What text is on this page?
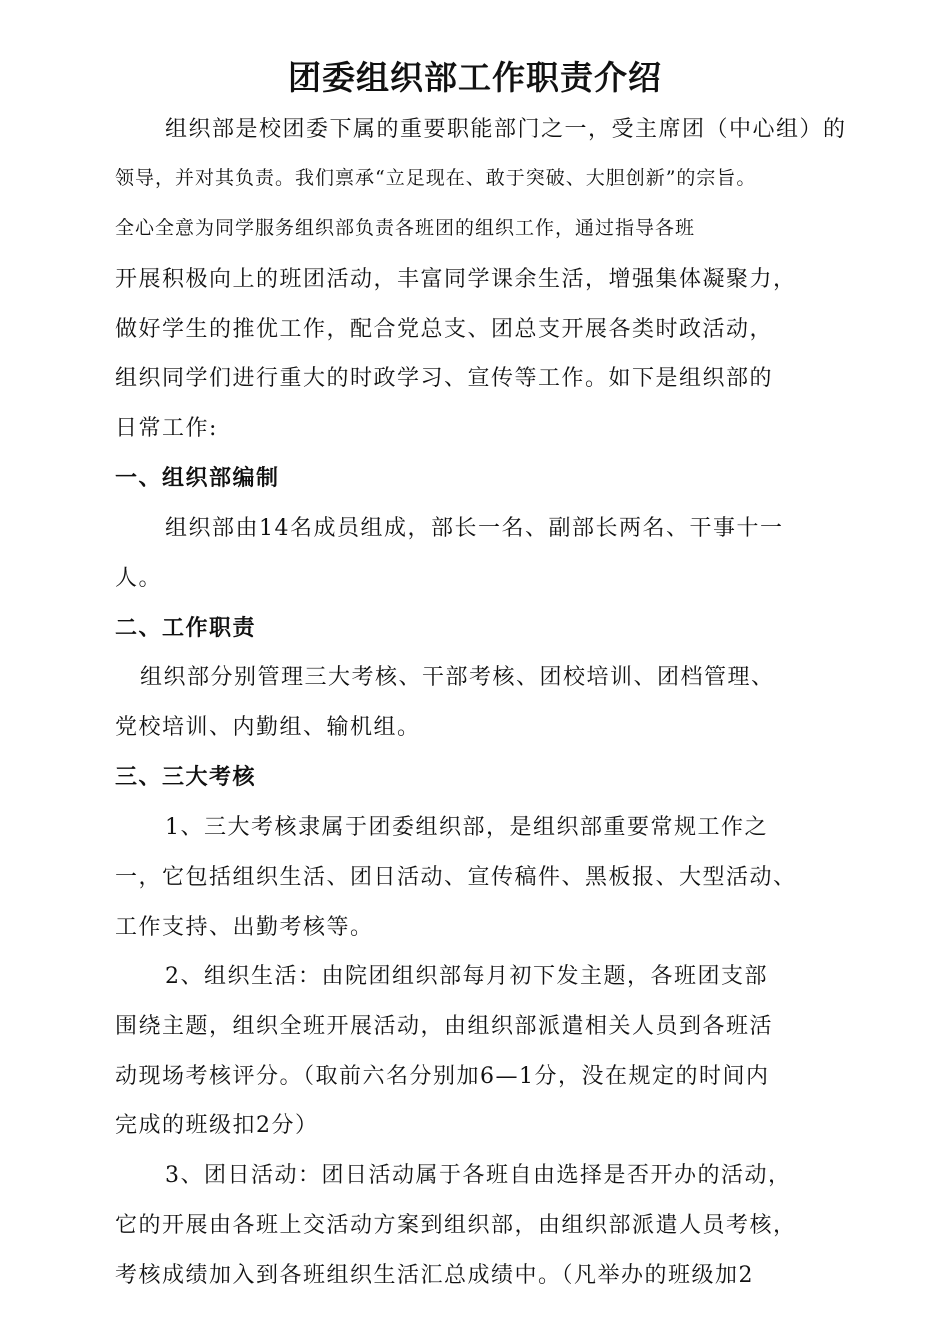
团委组织部工作职责介绍
组织部是校团委下属的重要职能部门之一，受主席团（中心组）的
领导，并对其负责。我们禀承“立足现在、敢于突破、大胆创新”的宗旨。
全心全意为同学服务组织部负责各班团的组织工作，通过指导各班
开展积极向上的班团活动，丰富同学课余生活，增强集体凝聚力，
做好学生的推优工作，配合党总支、团总支开展各类时政活动，
组织同学们进行重大的时政学习、宣传等工作。如下是组织部的
日常工作:
一、组织部编制
组织部由14名成员组成，部长一名、副部长两名、干事十一
人。
二、工作职责
组织部分别管理三大考核、干部考核、团校培训、团档管理、
党校培训、内勤组、输机组。
三、三大考核
1、三大考核隶属于团委组织部，是组织部重要常规工作之
一，它包括组织生活、团日活动、宣传稿件、黑板报、大型活动、
工作支持、出勤考核等。
2、组织生活：由院团组织部每月初下发主题，各班团支部
围绕主题，组织全班开展活动，由组织部派遣相关人员到各班活
动现场考核评分。（取前六名分别加6—1分，没在规定的时间内
完成的班级扣2分）
3、团日活动：团日活动属于各班自由选择是否开办的活动，
它的开展由各班上交活动方案到组织部，由组织部派遣人员考核，
考核成绩加入到各班组织生活汇总成绩中。（凡举办的班级加2
